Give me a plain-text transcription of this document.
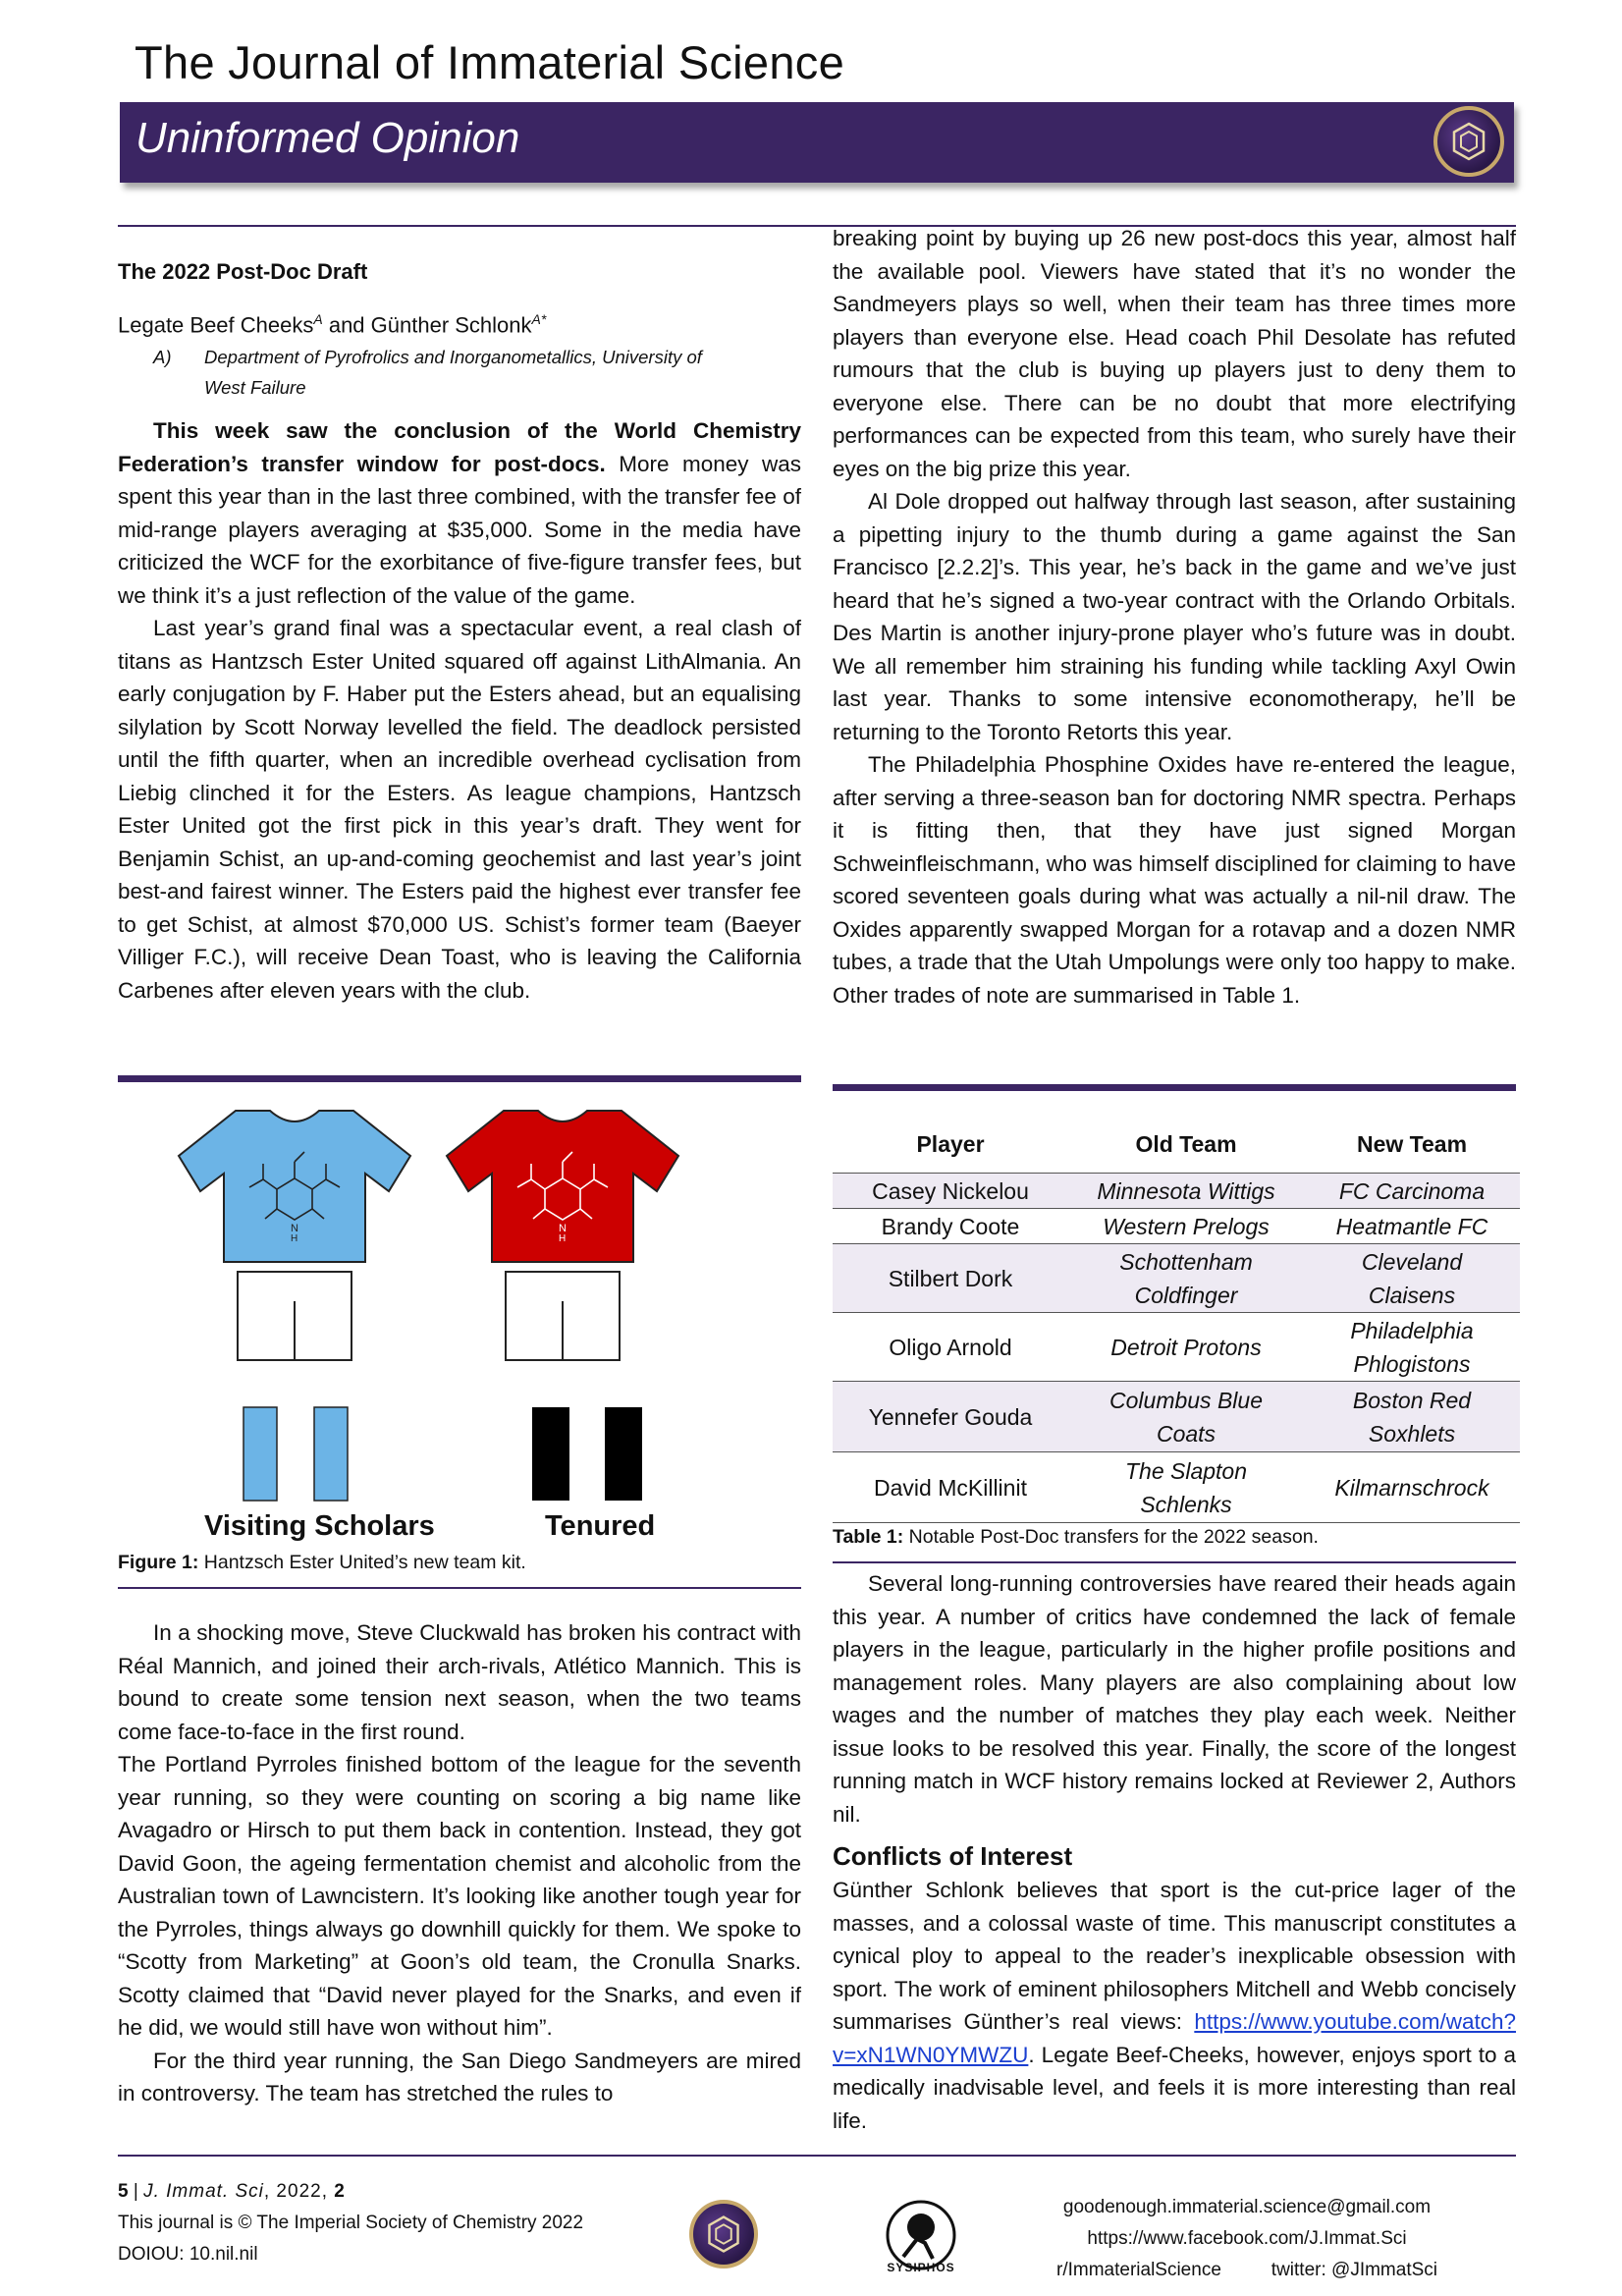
The Journal of Immaterial Science
Uninformed Opinion
The 2022 Post-Doc Draft
Legate Beef Cheeks$^A$ and Günther Schlonk$^{A*}$
A)	Department of Pyrofrolics and Inorganometallics, University of
West Failure

This week saw the conclusion of the World Chemistry Federation’s transfer window for post-docs. More money was spent this year than in the last three combined, with the transfer fee of mid-range players averaging at $35,000. Some in the media have criticized the WCF for the exorbitance of five-figure transfer fees, but we think it’s a just reflection of the value of the game.

Last year’s grand final was a spectacular event, a real clash of titans as Hantzsch Ester United squared off against LithAlmania. An early conjugation by F. Haber put the Esters ahead, but an equalising silylation by Scott Norway levelled the field. The deadlock persisted until the fifth quarter, when an incredible overhead cyclisation from Liebig clinched it for the Esters. As league champions, Hantzsch Ester United got the first pick in this year’s draft. They went for Benjamin Schist, an up-and-coming geochemist and last year’s joint best-and fairest winner. The Esters paid the highest ever transfer fee to get Schist, at almost $70,000 US. Schist’s former team (Baeyer Villiger F.C.), will receive Dean Toast, who is leaving the California Carbenes after eleven years with the club.

N
H
N
H
Visiting Scholars	Tenured
Figure 1: Hantzsch Ester United’s new team kit.

In a shocking move, Steve Cluckwald has broken his contract with Réal Mannich, and joined their arch-rivals, Atlético Mannich. This is bound to create some tension next season, when the two teams come face-to-face in the first round.

The Portland Pyrroles finished bottom of the league for the seventh year running, so they were counting on scoring a big name like Avagadro or Hirsch to put them back in contention. Instead, they got David Goon, the ageing fermentation chemist and alcoholic from the Australian town of Lawncistern. It’s looking like another tough year for the Pyrroles, things always go downhill quickly for them. We spoke to “Scotty from Marketing” at Goon’s old team, the Cronulla Snarks. Scotty claimed that “David never played for the Snarks, and even if he did, we would still have won without him”.

For the third year running, the San Diego Sandmeyers are mired in controversy. The team has stretched the rules to

breaking point by buying up 26 new post-docs this year, almost half the available pool. Viewers have stated that it’s no wonder the Sandmeyers plays so well, when their team has three times more players than everyone else. Head coach Phil Desolate has refuted rumours that the club is buying up players just to deny them to everyone else. There can be no doubt that more electrifying performances can be expected from this team, who surely have their eyes on the big prize this year.

Al Dole dropped out halfway through last season, after sustaining a pipetting injury to the thumb during a game against the San Francisco [2.2.2]’s. This year, he’s back in the game and we’ve just heard that he’s signed a two-year contract with the Orlando Orbitals. Des Martin is another injury-prone player who’s future was in doubt. We all remember him straining his funding while tackling Axyl Owin last year. Thanks to some intensive economotherapy, he’ll be returning to the Toronto Retorts this year.

The Philadelphia Phosphine Oxides have re-entered the league, after serving a three-season ban for doctoring NMR spectra. Perhaps it is fitting then, that they have just signed Morgan Schweinfleischmann, who was himself disciplined for claiming to have scored seventeen goals during what was actually a nil-nil draw. The Oxides apparently swapped Morgan for a rotavap and a dozen NMR tubes, a trade that the Utah Umpolungs were only too happy to make. Other trades of note are summarised in Table 1.

Player	Old Team	New Team
Casey Nickelou	Minnesota Wittigs	FC Carcinoma
Brandy Coote	Western Prelogs	Heatmantle FC
Stilbert Dork	Schottenham Coldfinger	Cleveland Claisens
Oligo Arnold	Detroit Protons	Philadelphia Phlogistons
Yennefer Gouda	Columbus Blue Coats	Boston Red Soxhlets
David McKillinit	The Slapton Schlenks	Kilmarnschrock
Table 1: Notable Post-Doc transfers for the 2022 season.

Several long-running controversies have reared their heads again this year. A number of critics have condemned the lack of female players in the league, particularly in the higher profile positions and management roles. Many players are also complaining about low wages and the number of matches they play each week. Neither issue looks to be resolved this year. Finally, the score of the longest running match in WCF history remains locked at Reviewer 2, Authors nil.

Conflicts of Interest

Günther Schlonk believes that sport is the cut-price lager of the masses, and a colossal waste of time. This manuscript constitutes a cynical ploy to appeal to the reader’s inexplicable obsession with sport. The work of eminent philosophers Mitchell and Webb concisely summarises Günther’s real views: https://www.youtube.com/watch?v=xN1WN0YMWZU. Legate Beef-Cheeks, however, enjoys sport to a medically inadvisable level, and feels it is more interesting than real life.

5 | J. Immat. Sci, 2022, 2
This journal is © The Imperial Society of Chemistry 2022
DOIOU: 10.nil.nil
SYSIPHOS
goodenough.immaterial.science@gmail.com
https://www.facebook.com/J.Immat.Sci
r/ImmaterialScience	twitter: @JImmatSci
